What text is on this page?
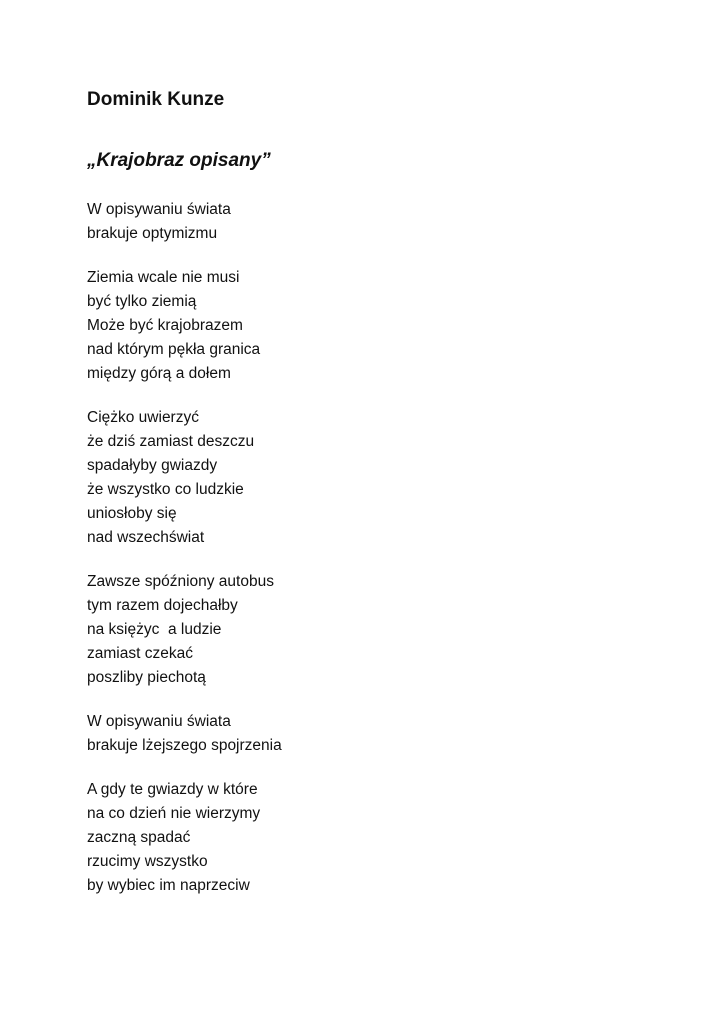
Dominik Kunze
„Krajobraz opisany”
W opisywaniu świata
brakuje optymizmu
Ziemia wcale nie musi
być tylko ziemią
Może być krajobrazem
nad którym pękła granica
między górą a dołem
Ciężko uwierzyć
że dziś zamiast deszczu
spadałyby gwiazdy
że wszystko co ludzkie
uniosłoby się
nad wszechświat
Zawsze spóźniony autobus
tym razem dojechałby
na księżyc  a ludzie
zamiast czekać
poszliby piechotą
W opisywaniu świata
brakuje lżejszego spojrzenia
A gdy te gwiazdy w które
na co dzień nie wierzymy
zaczną spadać
rzucimy wszystko
by wybiec im naprzeciw
